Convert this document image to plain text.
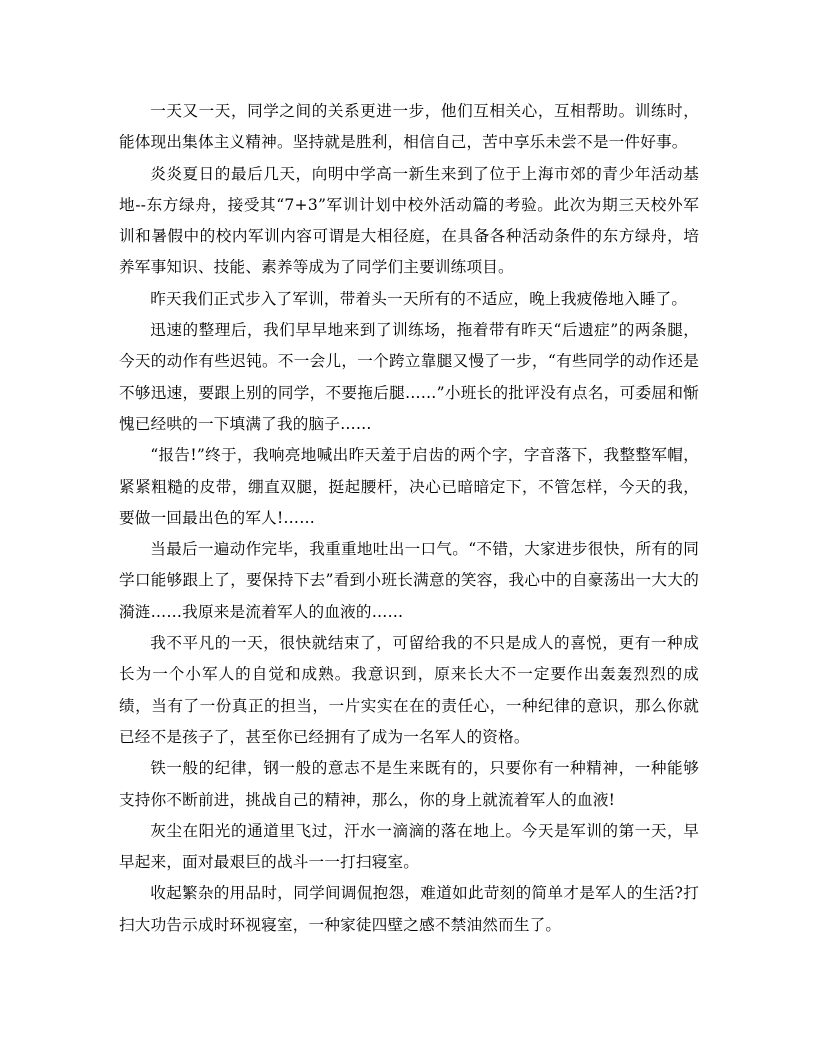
一天又一天，同学之间的关系更进一步，他们互相关心，互相帮助。训练时，能体现出集体主义精神。坚持就是胜利，相信自己，苦中享乐未尝不是一件好事。

炎炎夏日的最后几天，向明中学高一新生来到了位于上海市郊的青少年活动基地--东方绿舟，接受其“7+3”军训计划中校外活动篇的考验。此次为期三天校外军训和暑假中的校内军训内容可谓是大相径庭，在具备各种活动条件的东方绿舟，培养军事知识、技能、素养等成为了同学们主要训练项目。

昨天我们正式步入了军训，带着头一天所有的不适应，晚上我疲倦地入睡了。

迅速的整理后，我们早早地来到了训练场，拖着带有昨天“后遗症”的两条腿，今天的动作有些迟钝。不一会儿，一个跨立靠腿又慢了一步，“有些同学的动作还是不够迅速，要跟上别的同学，不要拖后腿……”小班长的批评没有点名，可委屈和惭愧已经哄的一下填满了我的脑子……

“报告!”终于，我响亮地喊出昨天羞于启齿的两个字，字音落下，我整整军帽，紧紧粗糙的皮带，绷直双腿，挺起腰杆，决心已暗暗定下，不管怎样，今天的我，要做一回最出色的军人!……

当最后一遍动作完毕，我重重地吐出一口气。“不错，大家进步很快，所有的同学口能够跟上了，要保持下去”看到小班长满意的笑容，我心中的自豪荡出一大大的漪涟……我原来是流着军人的血液的……

我不平凡的一天，很快就结束了，可留给我的不只是成人的喜悦，更有一种成长为一个小军人的自觉和成熟。我意识到，原来长大不一定要作出轰轰烈烈的成绩，当有了一份真正的担当，一片实实在在的责任心，一种纪律的意识，那么你就已经不是孩子了，甚至你已经拥有了成为一名军人的资格。

铁一般的纪律，钢一般的意志不是生来既有的，只要你有一种精神，一种能够支持你不断前进，挑战自己的精神，那么，你的身上就流着军人的血液!

灰尘在阳光的通道里飞过，汗水一滴滴的落在地上。今天是军训的第一天，早早起来，面对最艰巨的战斗一一打扫寝室。

收起繁杂的用品时，同学间调侃抱怨，难道如此苛刻的简单才是军人的生活?打扫大功告示成时环视寝室，一种家徒四壁之感不禁油然而生了。
